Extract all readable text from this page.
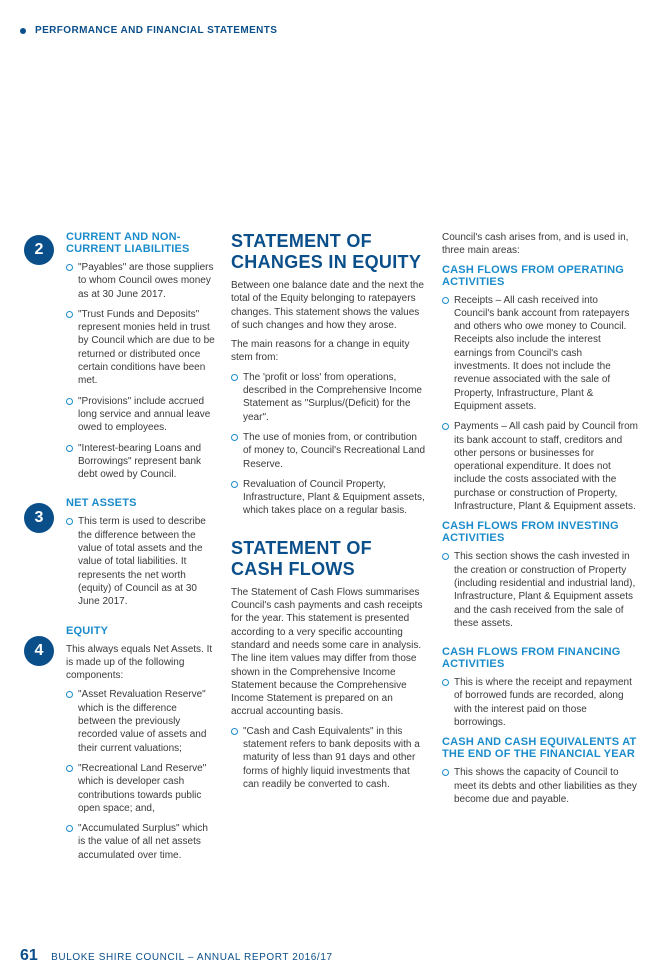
PERFORMANCE AND FINANCIAL STATEMENTS
2
3
4
CURRENT AND NON-CURRENT LIABILITIES
"Payables" are those suppliers to whom Council owes money as at 30 June 2017.
"Trust Funds and Deposits" represent monies held in trust by Council which are due to be returned or distributed once certain conditions have been met.
"Provisions" include accrued long service and annual leave owed to employees.
"Interest-bearing Loans and Borrowings" represent bank debt owed by Council.
NET ASSETS
This term is used to describe the difference between the value of total assets and the value of total liabilities. It represents the net worth (equity) of Council as at 30 June 2017.
EQUITY

This always equals Net Assets. It is made up of the following components:

"Asset Revaluation Reserve" which is the difference between the previously recorded value of assets and their current valuations;
"Recreational Land Reserve" which is developer cash contributions towards public open space; and,
"Accumulated Surplus" which is the value of all net assets accumulated over time.
STATEMENT OF CHANGES IN EQUITY

Between one balance date and the next the total of the Equity belonging to ratepayers changes. This statement shows the values of such changes and how they arose.

The main reasons for a change in equity stem from:

The 'profit or loss' from operations, described in the Comprehensive Income Statement as "Surplus/(Deficit) for the year".
The use of monies from, or contribution of money to, Council's Recreational Land Reserve.
Revaluation of Council Property, Infrastructure, Plant & Equipment assets, which takes place on a regular basis.
STATEMENT OF CASH FLOWS

The Statement of Cash Flows summarises Council's cash payments and cash receipts for the year. This statement is presented according to a very specific accounting standard and needs some care in analysis. The line item values may differ from those shown in the Comprehensive Income Statement because the Comprehensive Income Statement is prepared on an accrual accounting basis.

"Cash and Cash Equivalents" in this statement refers to bank deposits with a maturity of less than 91 days and other forms of highly liquid investments that can readily be converted to cash.

Council's cash arises from, and is used in, three main areas:

CASH FLOWS FROM OPERATING ACTIVITIES
Receipts – All cash received into Council's bank account from ratepayers and others who owe money to Council. Receipts also include the interest earnings from Council's cash investments. It does not include the revenue associated with the sale of Property, Infrastructure, Plant & Equipment assets.
Payments – All cash paid by Council from its bank account to staff, creditors and other persons or businesses for operational expenditure. It does not include the costs associated with the purchase or construction of Property, Infrastructure, Plant & Equipment assets.
CASH FLOWS FROM INVESTING ACTIVITIES
This section shows the cash invested in the creation or construction of Property (including residential and industrial land), Infrastructure, Plant & Equipment assets and the cash received from the sale of these assets.
CASH FLOWS FROM FINANCING ACTIVITIES
This is where the receipt and repayment of borrowed funds are recorded, along with the interest paid on those borrowings.
CASH AND CASH EQUIVALENTS AT THE END OF THE FINANCIAL YEAR
This shows the capacity of Council to meet its debts and other liabilities as they become due and payable.
61 BULOKE SHIRE COUNCIL – ANNUAL REPORT 2016/17
